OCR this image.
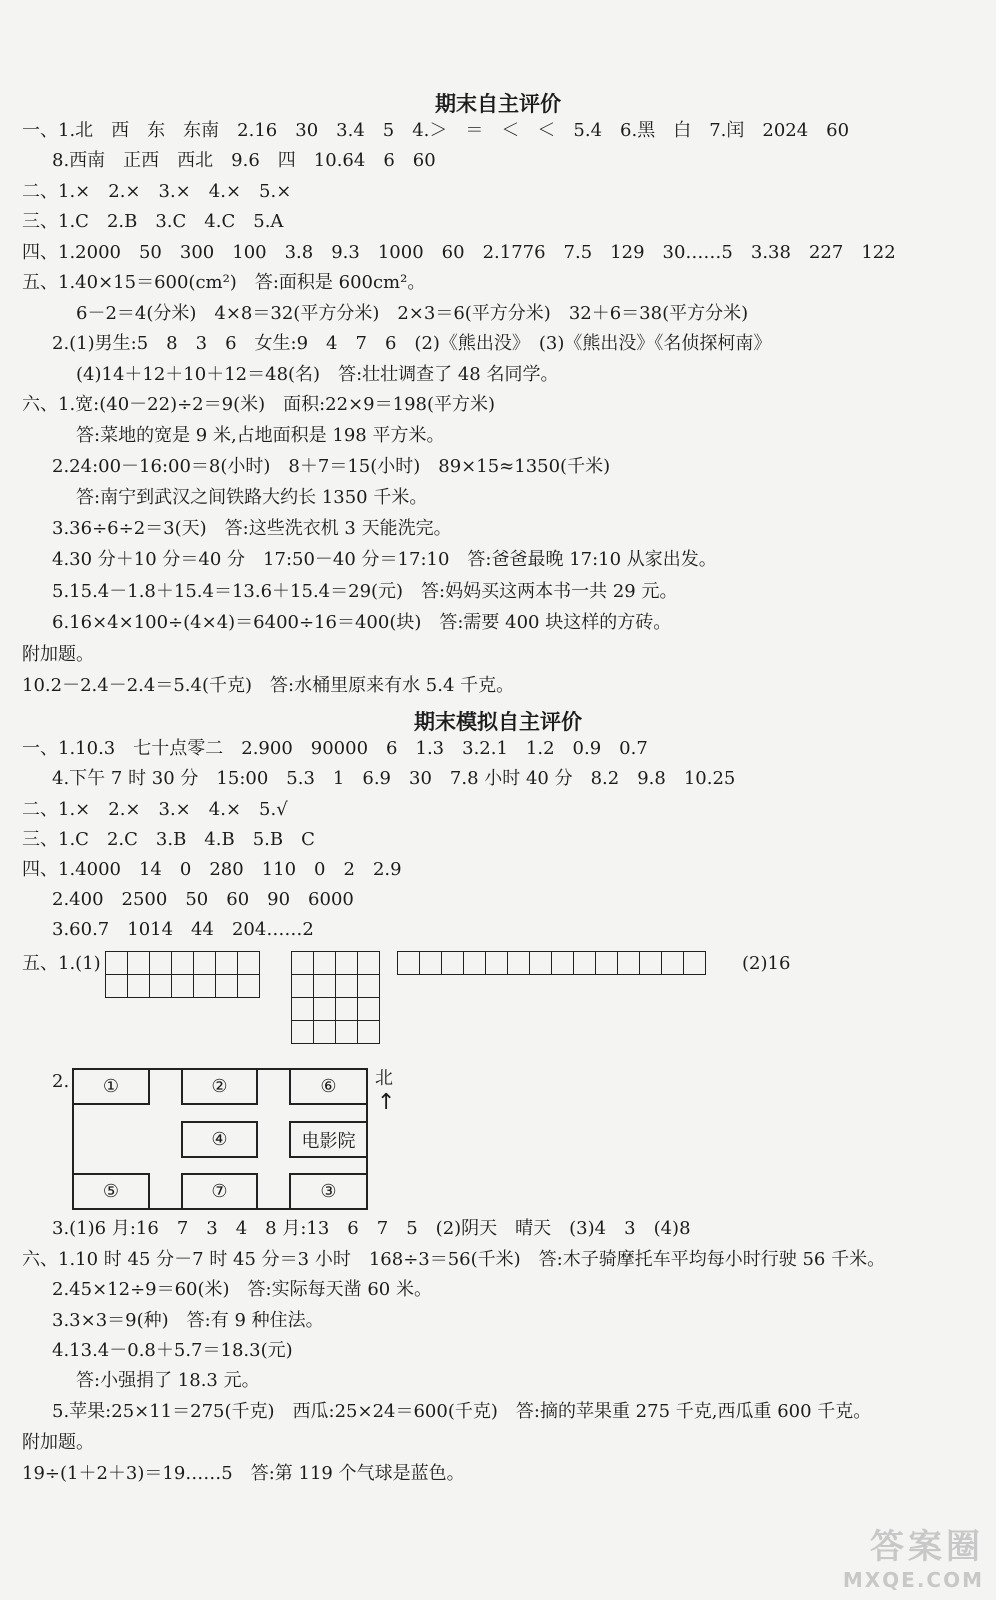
期末自主评价
一、1.北　西　东　东南　2.16　30　3.4　5　4.＞　＝　＜　＜　5.4　6.黑　白　7.闰　2024　60
8.西南　正西　西北　9.6　四　10.64　6　60
二、1.×　2.×　3.×　4.×　5.×
三、1.C　2.B　3.C　4.C　5.A
四、1.2000　50　300　100　3.8　9.3　1000　60　2.1776　7.5　129　30……5　3.38　227　122
五、1.40×15＝600(cm²)　答:面积是 600cm²。
6－2＝4(分米)　4×8＝32(平方分米)　2×3＝6(平方分米)　32＋6＝38(平方分米)
2.(1)男生:5　8　3　6　女生:9　4　7　6　(2)《熊出没》　(3)《熊出没》《名侦探柯南》
(4)14＋12＋10＋12＝48(名)　答:壮壮调查了 48 名同学。
六、1.宽:(40－22)÷2＝9(米)　面积:22×9＝198(平方米)
答:菜地的宽是 9 米,占地面积是 198 平方米。
2.24:00－16:00＝8(小时)　8＋7＝15(小时)　89×15≈1350(千米)
答:南宁到武汉之间铁路大约长 1350 千米。
3.36÷6÷2＝3(天)　答:这些洗衣机 3 天能洗完。
4.30 分＋10 分＝40 分　17:50－40 分＝17:10　答:爸爸最晚 17:10 从家出发。
5.15.4－1.8＋15.4＝13.6＋15.4＝29(元)　答:妈妈买这两本书一共 29 元。
6.16×4×100÷(4×4)＝6400÷16＝400(块)　答:需要 400 块这样的方砖。
附加题。
10.2－2.4－2.4＝5.4(千克)　答:水桶里原来有水 5.4 千克。
期末模拟自主评价
一、1.10.3　七十点零二　2.900　90000　6　1.3　3.2.1　1.2　0.9　0.7
4.下午 7 时 30 分　15:00　5.3　1　6.9　30　7.8 小时 40 分　8.2　9.8　10.25
二、1.×　2.×　3.×　4.×　5.√
三、1.C　2.C　3.B　4.B　5.B　C
四、1.4000　14　0　280　110　0　2　2.9
2.400　2500　50　60　90　6000
3.60.7　1014　44　204……2
五、1.(1)

														(2)16
2.	①	②	⑥
④	电影院
⑤	⑦	③
北
↑
3.(1)6 月:16　7　3　4　8 月:13　6　7　5　(2)阴天　晴天　(3)4　3　(4)8
六、1.10 时 45 分－7 时 45 分＝3 小时　168÷3＝56(千米)　答:木子骑摩托车平均每小时行驶 56 千米。
2.45×12÷9＝60(米)　答:实际每天凿 60 米。
3.3×3＝9(种)　答:有 9 种住法。
4.13.4－0.8＋5.7＝18.3(元)
答:小强捐了 18.3 元。
5.苹果:25×11＝275(千克)　西瓜:25×24＝600(千克)　答:摘的苹果重 275 千克,西瓜重 600 千克。
附加题。
19÷(1＋2＋3)＝19……5　答:第 119 个气球是蓝色。
答案圈
MXQE.COM
